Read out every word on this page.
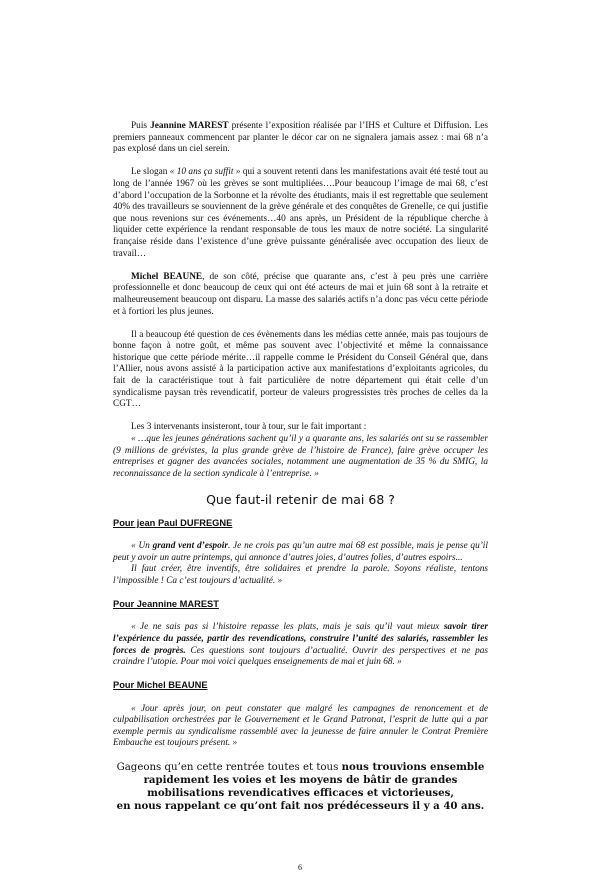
Puis Jeannine MAREST présente l’exposition réalisée par l’IHS et Culture et Diffusion. Les premiers panneaux commencent par planter le décor car on ne signalera jamais assez : mai 68 n’a pas explosé dans un ciel serein.

Le slogan « 10 ans ça suffit » qui a souvent retenti dans les manifestations avait été testé tout au long de l’année 1967 où les grèves se sont multipliées….Pour beaucoup l’image de mai 68, c’est d’abord l’occupation de la Sorbonne et la révolte des étudiants, mais il est regrettable que seulement 40% des travailleurs se souviennent de la grève générale et des conquêtes de Grenelle, ce qui justifie que nous revenions sur ces événements…40 ans après, un Président de la république cherche à liquider cette expérience la rendant responsable de tous les maux de notre société. La singularité française réside dans l’existence d’une grève puissante généralisée avec occupation des lieux de travail…

Michel BEAUNE, de son côté, précise que quarante ans, c’est à peu près une carrière professionnelle et donc beaucoup de ceux qui ont été acteurs de mai et juin 68 sont à la retraite et malheureusement beaucoup ont disparu. La masse des salariés actifs n’a donc pas vécu cette période et à fortiori les plus jeunes.

Il a beaucoup été question de ces évènements dans les médias cette année, mais pas toujours de bonne façon à notre goût, et même pas souvent avec l’objectivité et même la connaissance historique que cette période mérite…il rappelle comme le Président du Conseil Général que, dans l’Allier, nous avons assisté à la participation active aux manifestations d’exploitants agricoles, du fait de la caractéristique tout à fait particulière de notre département qui était celle d’un syndicalisme paysan très revendicatif, porteur de valeurs progressistes très proches de celles da la CGT…

Les 3 intervenants insisteront, tour à tour, sur le fait important :

« …que les jeunes générations sachent qu’il y a quarante ans, les salariés ont su se rassembler (9 millions de grévistes, la plus grande grève de l’histoire de France), faire grève occuper les entreprises et gagner des avancées sociales, notamment une augmentation de 35 % du SMIG, la reconnaissance de la section syndicale à l’entreprise. »

Que faut-il retenir de mai 68 ?
Pour jean Paul DUFREGNE

« Un grand vent d’espoir. Je ne crois pas qu’un autre mai 68 est possible, mais je pense qu’il peut y avoir un autre printemps, qui annonce d’autres joies, d’autres folies, d’autres espoirs...

Il faut créer, être inventifs, être solidaires et prendre la parole. Soyons réaliste, tentons l’impossible ! Ca c’est toujours d’actualité. »

Pour Jeannine MAREST

« Je ne sais pas si l’histoire repasse les plats, mais je sais qu’il vaut mieux savoir tirer l’expérience du passée, partir des revendications, construire l’unité des salariés, rassembler les forces de progrès. Ces questions sont toujours d’actualité. Ouvrir des perspectives et ne pas craindre l’utopie. Pour moi voici quelques enseignements de mai et juin 68. »

Pour Michel BEAUNE

« Jour après jour, on peut constater que malgré les campagnes de renoncement et de culpabilisation orchestrées par le Gouvernement et le Grand Patronat, l’esprit de lutte qui a par exemple permis au syndicalisme rassemblé avec la jeunesse de faire annuler le Contrat Première Embauche est toujours présent. »

Gageons qu’en cette rentrée toutes et tous nous trouvions ensemble rapidement les voies et les moyens de bâtir de grandes mobilisations revendicatives efficaces et victorieuses,
en nous rappelant ce qu’ont fait nos prédécesseurs il y a 40 ans.
6
